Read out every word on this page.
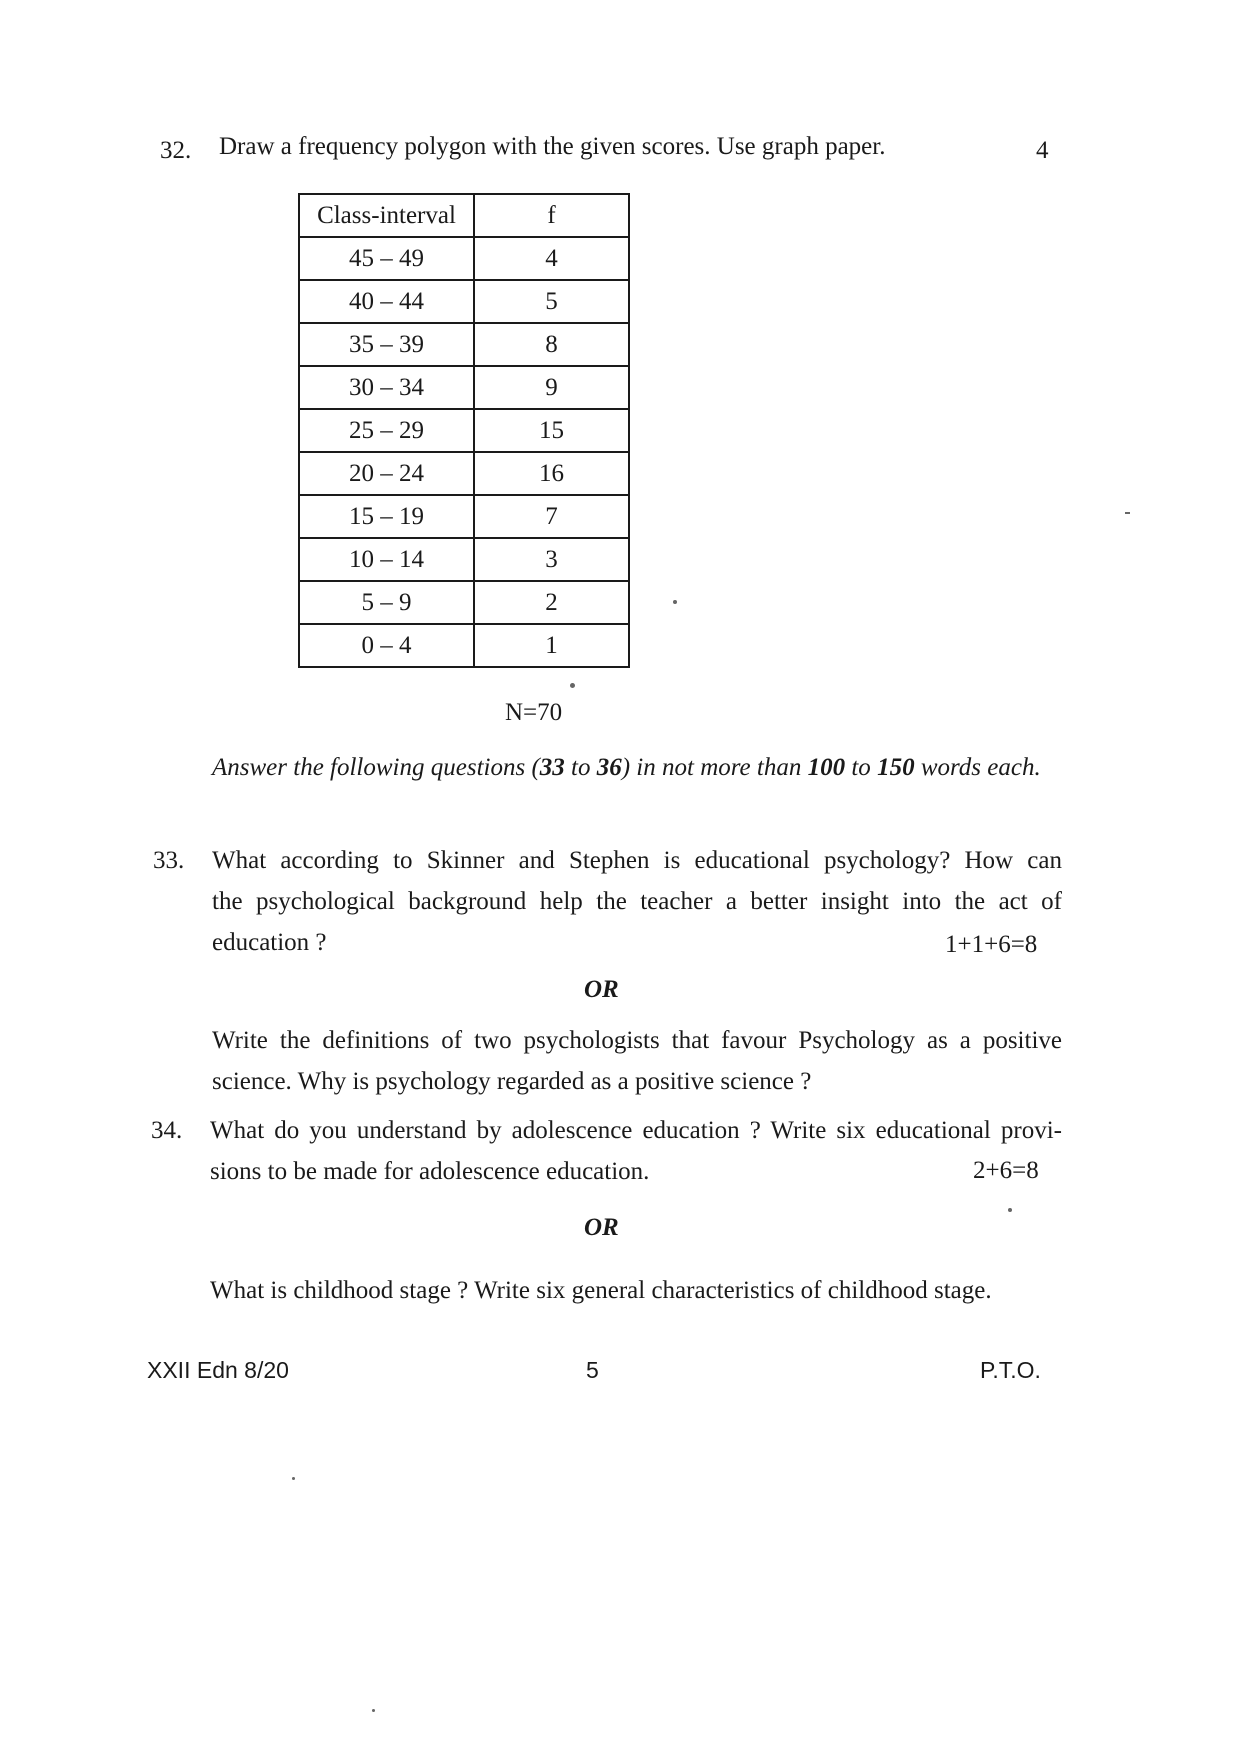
32. Draw a frequency polygon with the given scores. Use graph paper.	4
Class-interval	f
45 – 49	4
40 – 44	5
35 – 39	8
30 – 34	9
25 – 29	15
20 – 24	16
15 – 19	7
10 – 14	3
5 – 9	2
0 – 4	1
N=70
Answer the following questions (33 to 36) in not more than 100 to 150 words each.
33. What according to Skinner and Stephen is educational psychology? How can
the psychological background help the teacher a better insight into the act of
education ?	1+1+6=8
OR
Write the definitions of two psychologists that favour Psychology as a positive
science. Why is psychology regarded as a positive science ?
34. What do you understand by adolescence education ? Write six educational provi-
sions to be made for adolescence education.	2+6=8
OR
What is childhood stage ? Write six general characteristics of childhood stage.
XXII Edn 8/20	5	P.T.O.
